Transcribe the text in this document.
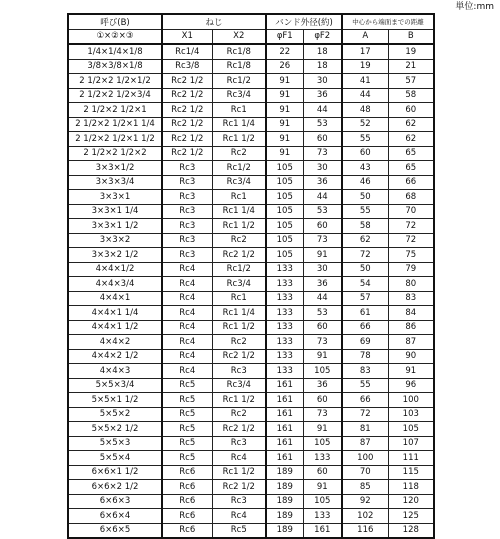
単位:mm
呼び(B)	ねじ		バンド外径(約)		中心から端面までの距離	
①×②×③	X1	X2	φF1	φF2	A	B
1/4×1/4×1/8	Rc1/4	Rc1/8	22	18	17	19
3/8×3/8×1/8	Rc3/8	Rc1/8	26	18	19	21
2 1/2×2 1/2×1/2	Rc2 1/2	Rc1/2	91	30	41	57
2 1/2×2 1/2×3/4	Rc2 1/2	Rc3/4	91	36	44	58
2 1/2×2 1/2×1	Rc2 1/2	Rc1	91	44	48	60
2 1/2×2 1/2×1 1/4	Rc2 1/2	Rc1 1/4	91	53	52	62
2 1/2×2 1/2×1 1/2	Rc2 1/2	Rc1 1/2	91	60	55	62
2 1/2×2 1/2×2	Rc2 1/2	Rc2	91	73	60	65
3×3×1/2	Rc3	Rc1/2	105	30	43	65
3×3×3/4	Rc3	Rc3/4	105	36	46	66
3×3×1	Rc3	Rc1	105	44	50	68
3×3×1 1/4	Rc3	Rc1 1/4	105	53	55	70
3×3×1 1/2	Rc3	Rc1 1/2	105	60	58	72
3×3×2	Rc3	Rc2	105	73	62	72
3×3×2 1/2	Rc3	Rc2 1/2	105	91	72	75
4×4×1/2	Rc4	Rc1/2	133	30	50	79
4×4×3/4	Rc4	Rc3/4	133	36	54	80
4×4×1	Rc4	Rc1	133	44	57	83
4×4×1 1/4	Rc4	Rc1 1/4	133	53	61	84
4×4×1 1/2	Rc4	Rc1 1/2	133	60	66	86
4×4×2	Rc4	Rc2	133	73	69	87
4×4×2 1/2	Rc4	Rc2 1/2	133	91	78	90
4×4×3	Rc4	Rc3	133	105	83	91
5×5×3/4	Rc5	Rc3/4	161	36	55	96
5×5×1 1/2	Rc5	Rc1 1/2	161	60	66	100
5×5×2	Rc5	Rc2	161	73	72	103
5×5×2 1/2	Rc5	Rc2 1/2	161	91	81	105
5×5×3	Rc5	Rc3	161	105	87	107
5×5×4	Rc5	Rc4	161	133	100	111
6×6×1 1/2	Rc6	Rc1 1/2	189	60	70	115
6×6×2 1/2	Rc6	Rc2 1/2	189	91	85	118
6×6×3	Rc6	Rc3	189	105	92	120
6×6×4	Rc6	Rc4	189	133	102	125
6×6×5	Rc6	Rc5	189	161	116	128
